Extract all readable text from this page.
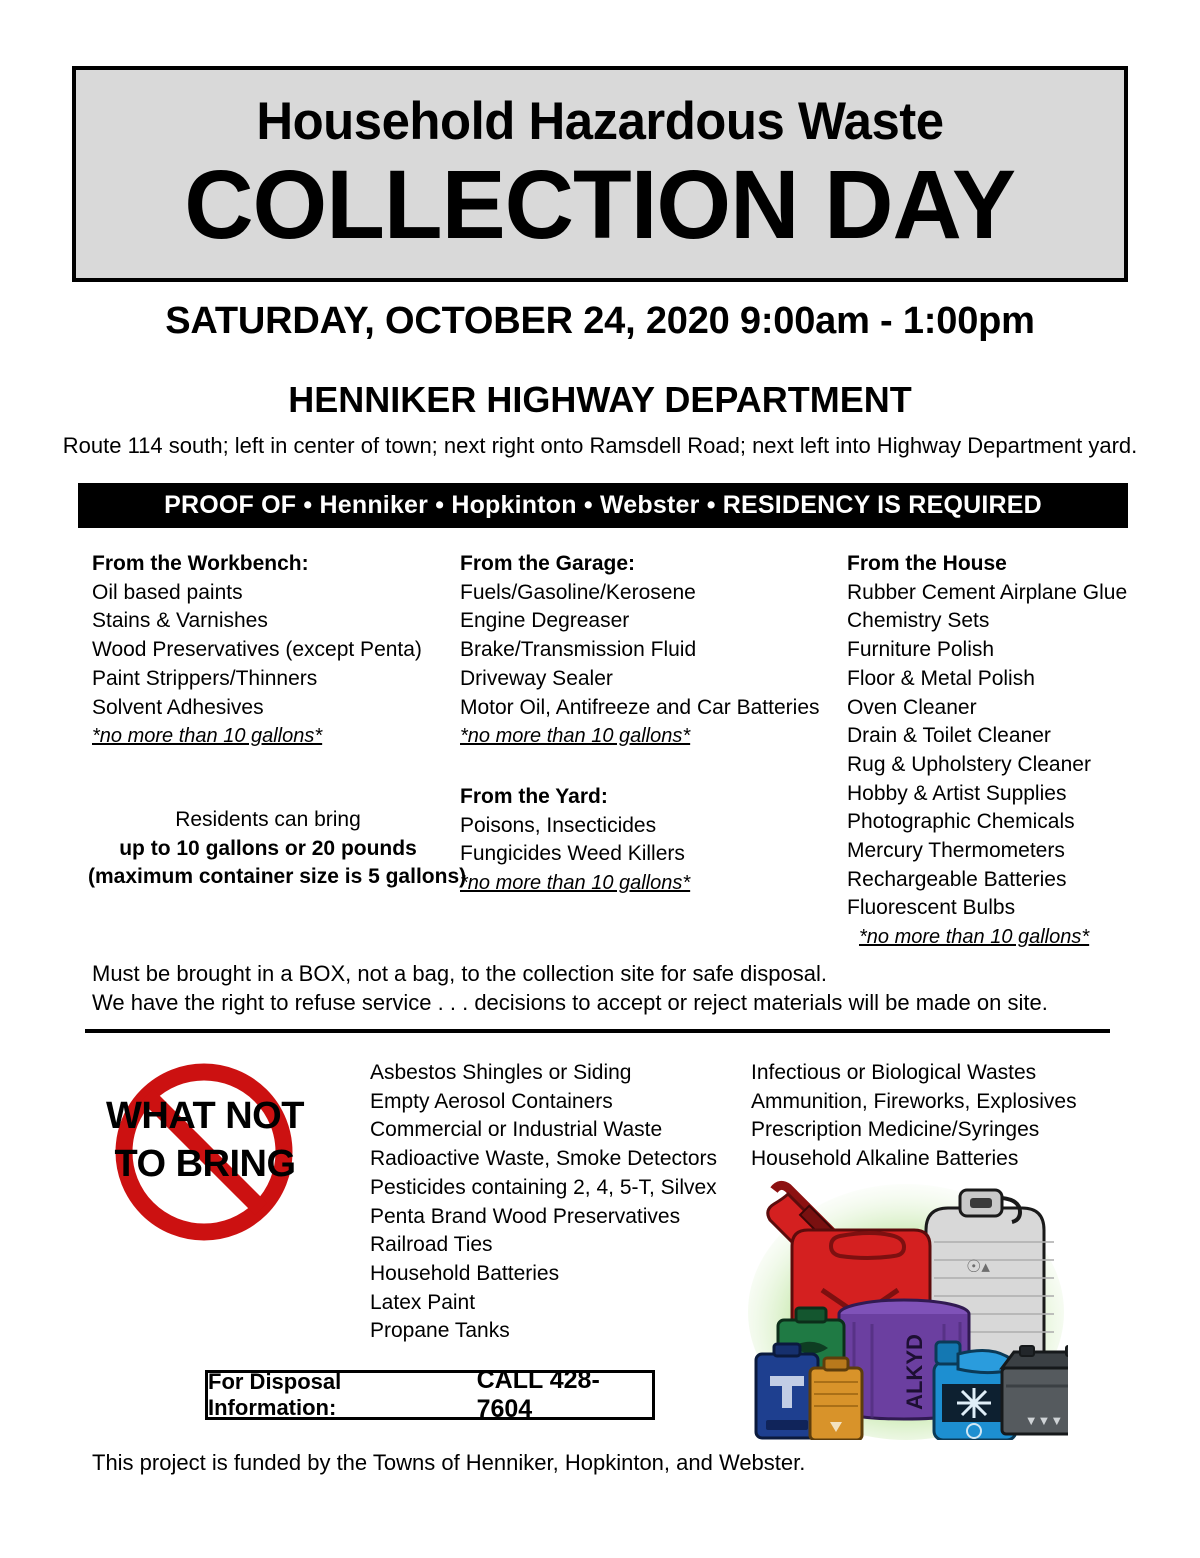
Household Hazardous Waste
COLLECTION DAY
SATURDAY, OCTOBER 24, 2020 9:00am - 1:00pm
HENNIKER HIGHWAY DEPARTMENT
Route 114 south; left in center of town; next right onto Ramsdell Road; next left into Highway Department yard.
PROOF OF • Henniker • Hopkinton • Webster • RESIDENCY IS REQUIRED
From the Workbench:
Oil based paints
Stains & Varnishes
Wood Preservatives (except Penta)
Paint Strippers/Thinners
Solvent Adhesives
*no more than 10 gallons*
Residents can bring
up to 10 gallons or 20 pounds
(maximum container size is 5 gallons)
From the Garage:
Fuels/Gasoline/Kerosene
Engine Degreaser
Brake/Transmission Fluid
Driveway Sealer
Motor Oil, Antifreeze and Car Batteries
*no more than 10 gallons*
From the Yard:
Poisons, Insecticides
Fungicides Weed Killers
*no more than 10 gallons*
From the House
Rubber Cement Airplane Glue
Chemistry Sets
Furniture Polish
Floor & Metal Polish
Oven Cleaner
Drain & Toilet Cleaner
Rug & Upholstery Cleaner
Hobby & Artist Supplies
Photographic Chemicals
Mercury Thermometers
Rechargeable Batteries
Fluorescent Bulbs
*no more than 10 gallons*
Must be brought in a BOX, not a bag, to the collection site for safe disposal.
We have the right to refuse service . . . decisions to accept or reject materials will be made on site.
WHAT NOT
TO BRING
Asbestos Shingles or Siding
Empty Aerosol Containers
Commercial or Industrial Waste
Radioactive Waste, Smoke Detectors
Pesticides containing 2, 4, 5-T, Silvex
Penta Brand Wood Preservatives
Railroad Ties
Household Batteries
Latex Paint
Propane Tanks
Infectious or Biological Wastes
Ammunition, Fireworks, Explosives
Prescription Medicine/Syringes
Household Alkaline Batteries
☉▴
ALKYD
▼▼▼
For Disposal Information:
CALL 428-7604
This project is funded by the Towns of Henniker, Hopkinton, and Webster.
